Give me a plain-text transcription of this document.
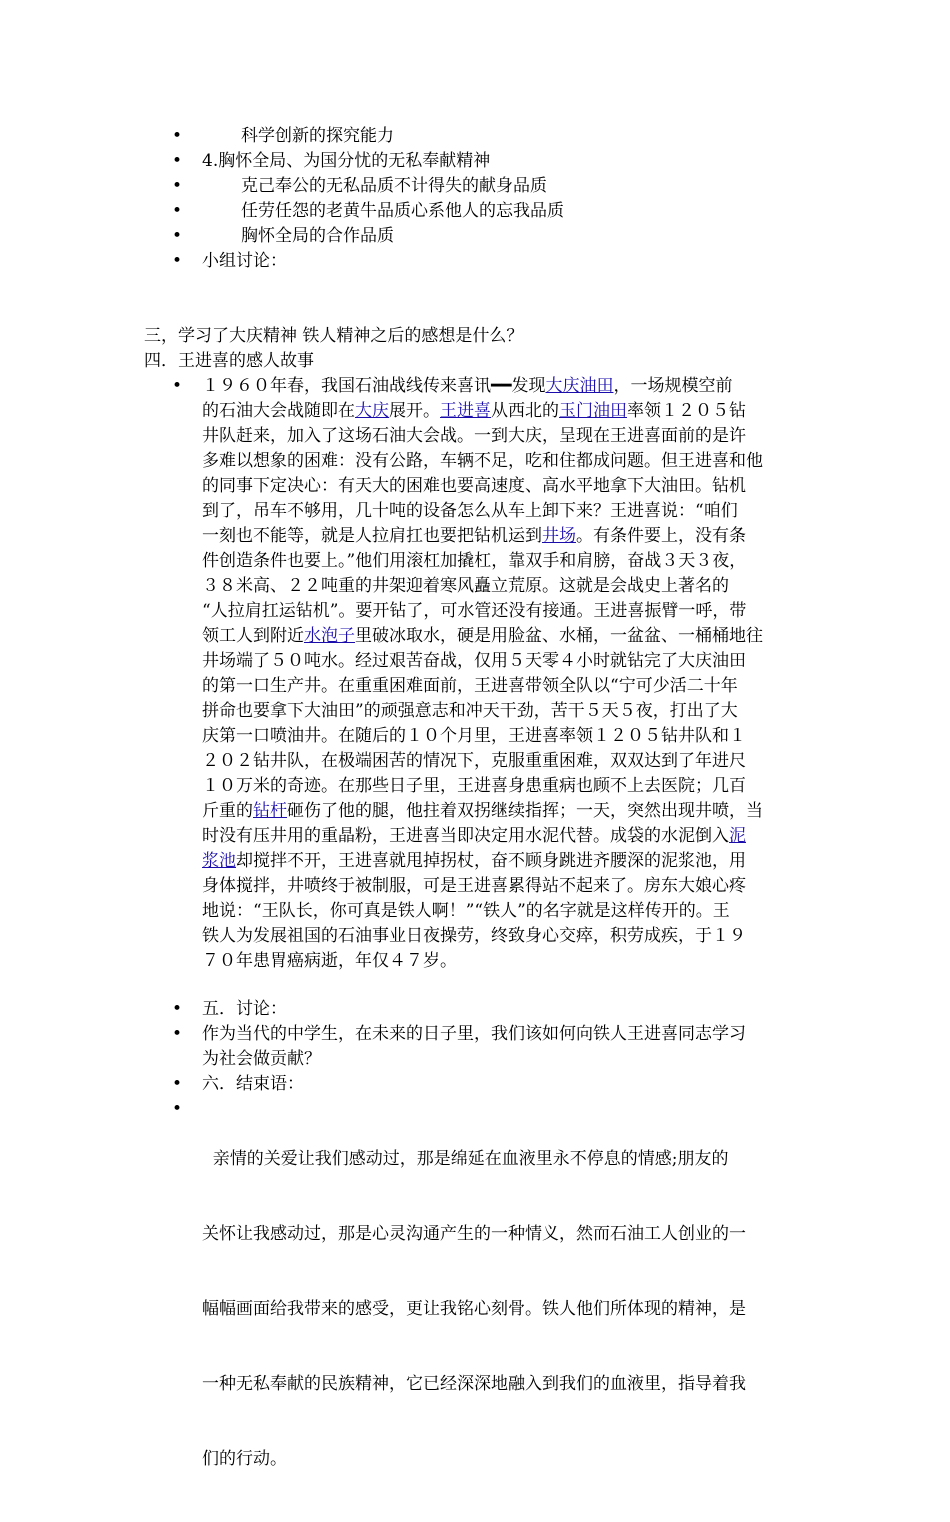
•	科学创新的探究能力
• 4.胸怀全局、为国分忧的无私奉献精神
•	克己奉公的无私品质不计得失的献身品质
•	任劳任怨的老黄牛品质心系他人的忘我品质
•	胸怀全局的合作品质
• 小组讨论：
三，学习了大庆精神 铁人精神之后的感想是什么？
四．王进喜的感人故事
• １９６０年春，我国石油战线传来喜讯━━发现大庆油田，一场规模空前
的石油大会战随即在大庆展开。王进喜从西北的玉门油田率领１２０５钻
井队赶来，加入了这场石油大会战。一到大庆，呈现在王进喜面前的是许
多难以想象的困难：没有公路，车辆不足，吃和住都成问题。但王进喜和他
的同事下定决心：有天大的困难也要高速度、高水平地拿下大油田。钻机
到了，吊车不够用，几十吨的设备怎么从车上卸下来？王进喜说：“咱们
一刻也不能等，就是人拉肩扛也要把钻机运到井场。有条件要上，没有条
件创造条件也要上。”他们用滚杠加撬杠，靠双手和肩膀，奋战３天３夜，
３８米高、２２吨重的井架迎着寒风矗立荒原。这就是会战史上著名的
“人拉肩扛运钻机”。要开钻了，可水管还没有接通。王进喜振臂一呼，带
领工人到附近水泡子里破冰取水，硬是用脸盆、水桶，一盆盆、一桶桶地往
井场端了５０吨水。经过艰苦奋战，仅用５天零４小时就钻完了大庆油田
的第一口生产井。在重重困难面前，王进喜带领全队以“宁可少活二十年
拼命也要拿下大油田”的顽强意志和冲天干劲，苦干５天５夜，打出了大
庆第一口喷油井。在随后的１０个月里，王进喜率领１２０５钻井队和１
２０２钻井队，在极端困苦的情况下，克服重重困难，双双达到了年进尺
１０万米的奇迹。在那些日子里，王进喜身患重病也顾不上去医院；几百
斤重的钻杆砸伤了他的腿，他拄着双拐继续指挥；一天，突然出现井喷，当
时没有压井用的重晶粉，王进喜当即决定用水泥代替。成袋的水泥倒入泥
浆池却搅拌不开，王进喜就甩掉拐杖，奋不顾身跳进齐腰深的泥浆池，用
身体搅拌，井喷终于被制服，可是王进喜累得站不起来了。房东大娘心疼
地说：“王队长，你可真是铁人啊！”“铁人”的名字就是这样传开的。王
铁人为发展祖国的石油事业日夜操劳，终致身心交瘁，积劳成疾，于１９
７０年患胃癌病逝，年仅４７岁。
• 五．讨论：
• 作为当代的中学生，在未来的日子里，我们该如何向铁人王进喜同志学习
为社会做贡献？
• 六．结束语：
•

亲情的关爱让我们感动过，那是绵延在血液里永不停息的情感;朋友的

关怀让我感动过，那是心灵沟通产生的一种情义，然而石油工人创业的一

幅幅画面给我带来的感受，更让我铭心刻骨。铁人他们所体现的精神，是

一种无私奉献的民族精神，它已经深深地融入到我们的血液里，指导着我

们的行动。
